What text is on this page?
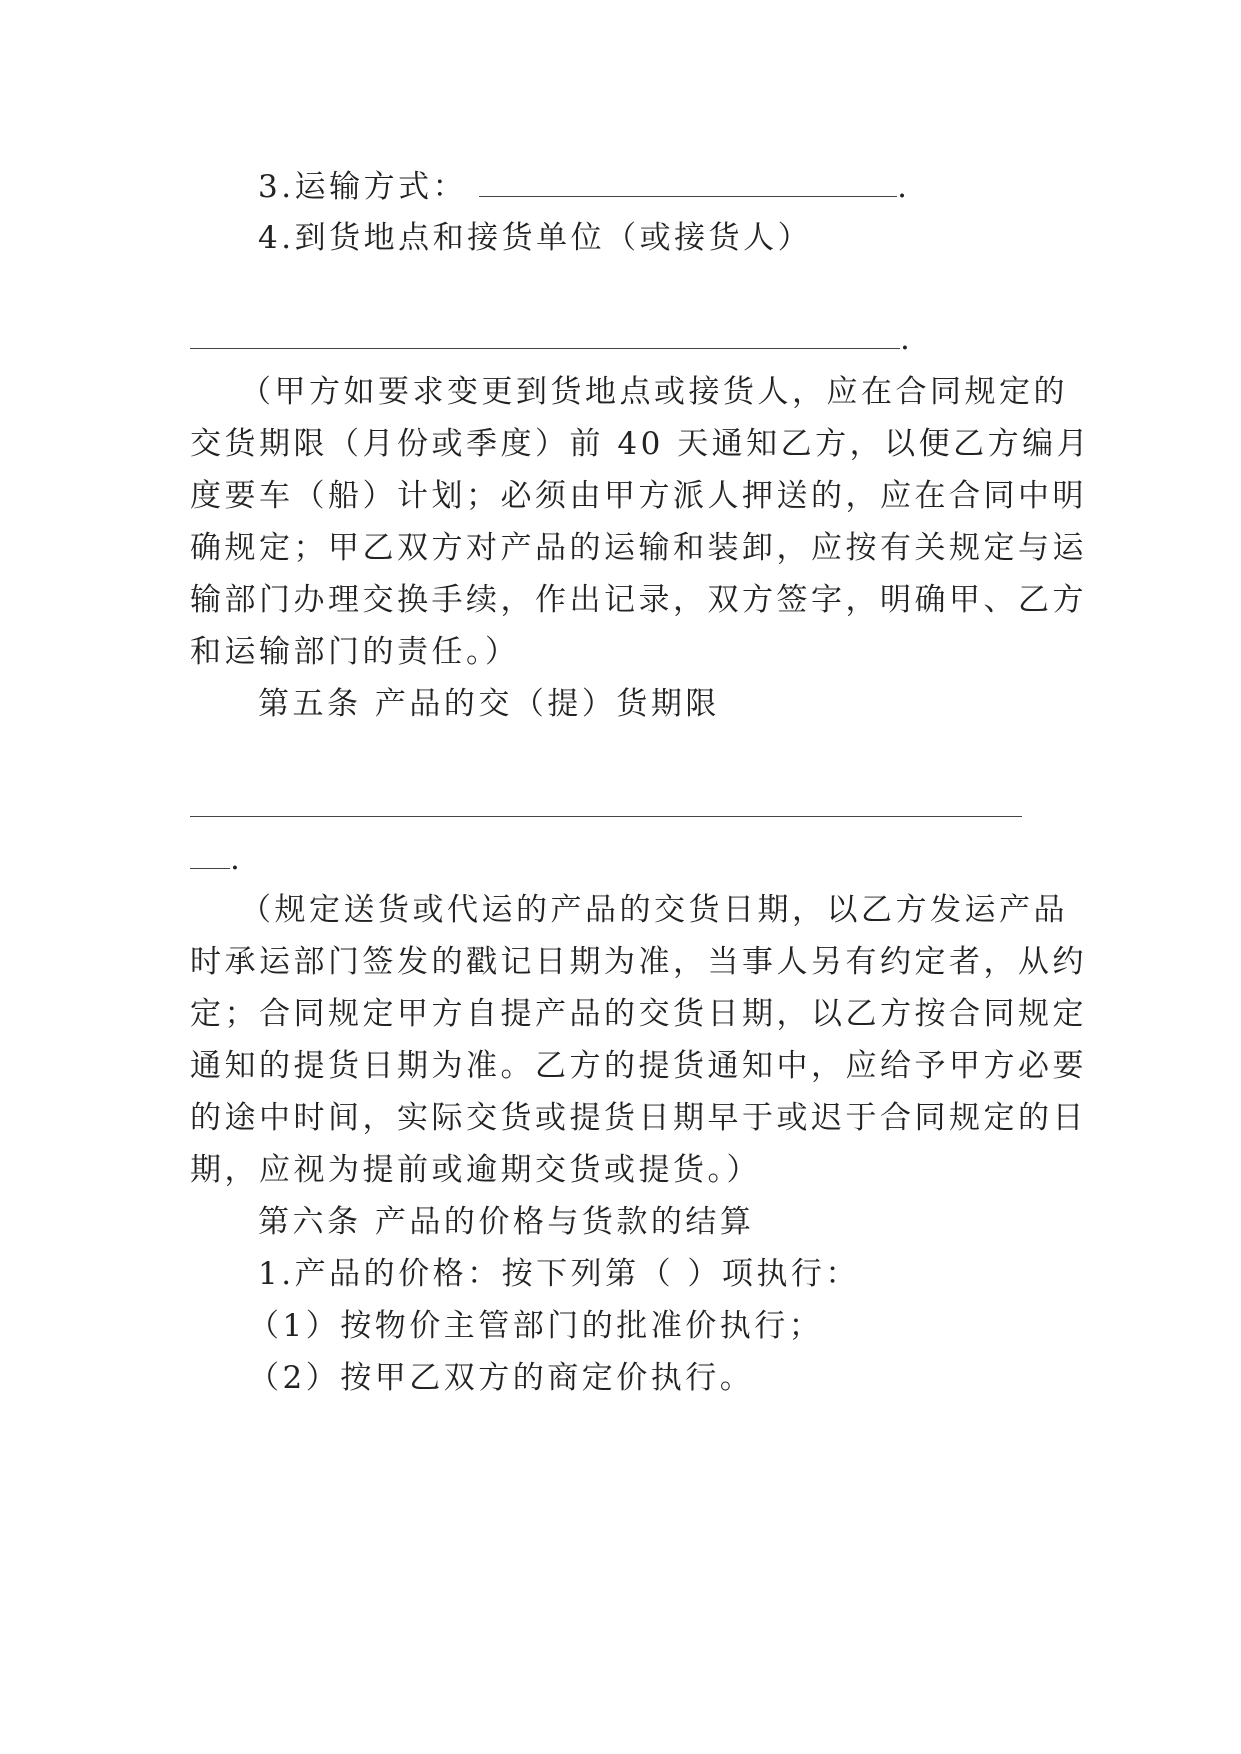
3.运输方式：	.

4.到货地点和接货单位（或接货人）

.

（甲方如要求变更到货地点或接货人，应在合同规定的

交货期限（月份或季度）前 40 天通知乙方，以便乙方编月

度要车（船）计划；必须由甲方派人押送的，应在合同中明

确规定；甲乙双方对产品的运输和装卸，应按有关规定与运

输部门办理交换手续，作出记录，双方签字，明确甲、乙方

和运输部门的责任。）

第五条 产品的交（提）货期限

.

（规定送货或代运的产品的交货日期，以乙方发运产品

时承运部门签发的戳记日期为准，当事人另有约定者，从约

定；合同规定甲方自提产品的交货日期，以乙方按合同规定

通知的提货日期为准。乙方的提货通知中，应给予甲方必要

的途中时间，实际交货或提货日期早于或迟于合同规定的日

期，应视为提前或逾期交货或提货。）

第六条 产品的价格与货款的结算

1.产品的价格：按下列第（ ）项执行：

（1）按物价主管部门的批准价执行；

（2）按甲乙双方的商定价执行。
